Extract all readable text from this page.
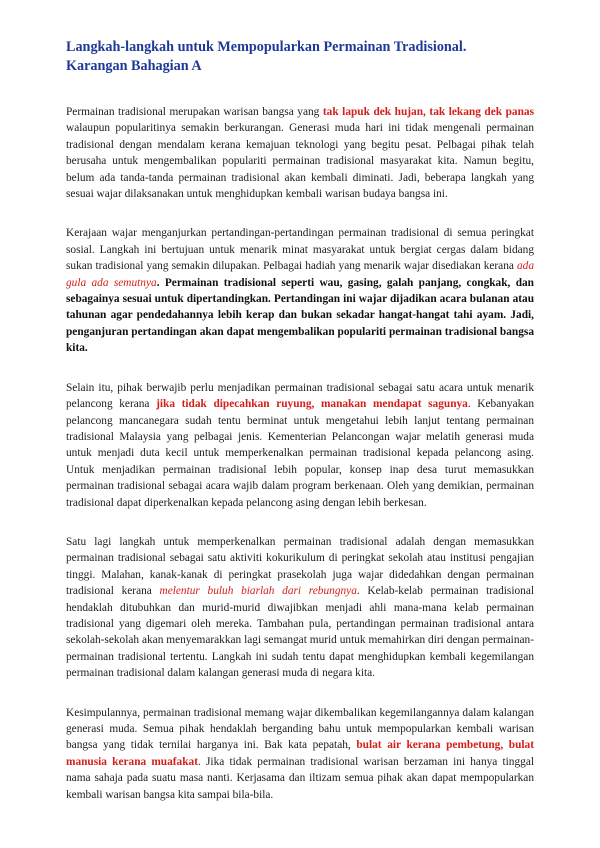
Langkah-langkah untuk Mempopularkan Permainan Tradisional.
Karangan Bahagian A

Permainan tradisional merupakan warisan bangsa yang tak lapuk dek hujan, tak lekang dek panas walaupun popularitinya semakin berkurangan. Generasi muda hari ini tidak mengenali permainan tradisional dengan mendalam kerana kemajuan teknologi yang begitu pesat. Pelbagai pihak telah berusaha untuk mengembalikan populariti permainan tradisional masyarakat kita. Namun begitu, belum ada tanda-tanda permainan tradisional akan kembali diminati. Jadi, beberapa langkah yang sesuai wajar dilaksanakan untuk menghidupkan kembali warisan budaya bangsa ini.

Kerajaan wajar menganjurkan pertandingan-pertandingan permainan tradisional di semua peringkat sosial. Langkah ini bertujuan untuk menarik minat masyarakat untuk bergiat cergas dalam bidang sukan tradisional yang semakin dilupakan. Pelbagai hadiah yang menarik wajar disediakan kerana ada gula ada semutnya. Permainan tradisional seperti wau, gasing, galah panjang, congkak, dan sebagainya sesuai untuk dipertandingkan. Pertandingan ini wajar dijadikan acara bulanan atau tahunan agar pendedahannya lebih kerap dan bukan sekadar hangat-hangat tahi ayam. Jadi, penganjuran pertandingan akan dapat mengembalikan populariti permainan tradisional bangsa kita.

Selain itu, pihak berwajib perlu menjadikan permainan tradisional sebagai satu acara untuk menarik pelancong kerana jika tidak dipecahkan ruyung, manakan mendapat sagunya. Kebanyakan pelancong mancanegara sudah tentu berminat untuk mengetahui lebih lanjut tentang permainan tradisional Malaysia yang pelbagai jenis. Kementerian Pelancongan wajar melatih generasi muda untuk menjadi duta kecil untuk memperkenalkan permainan tradisional kepada pelancong asing. Untuk menjadikan permainan tradisional lebih popular, konsep inap desa turut memasukkan permainan tradisional sebagai acara wajib dalam program berkenaan. Oleh yang demikian, permainan tradisional dapat diperkenalkan kepada pelancong asing dengan lebih berkesan.

Satu lagi langkah untuk memperkenalkan permainan tradisional adalah dengan memasukkan permainan tradisional sebagai satu aktiviti kokurikulum di peringkat sekolah atau institusi pengajian tinggi. Malahan, kanak-kanak di peringkat prasekolah juga wajar didedahkan dengan permainan tradisional kerana melentur buluh biarlah dari rebungnya. Kelab-kelab permainan tradisional hendaklah ditubuhkan dan murid-murid diwajibkan menjadi ahli mana-mana kelab permainan tradisional yang digemari oleh mereka. Tambahan pula, pertandingan permainan tradisional antara sekolah-sekolah akan menyemarakkan lagi semangat murid untuk memahirkan diri dengan permainan-permainan tradisional tertentu. Langkah ini sudah tentu dapat menghidupkan kembali kegemilangan permainan tradisional dalam kalangan generasi muda di negara kita.

Kesimpulannya, permainan tradisional memang wajar dikembalikan kegemilangannya dalam kalangan generasi muda. Semua pihak hendaklah berganding bahu untuk mempopularkan kembali warisan bangsa yang tidak ternilai harganya ini. Bak kata pepatah, bulat air kerana pembetung, bulat manusia kerana muafakat. Jika tidak permainan tradisional warisan berzaman ini hanya tinggal nama sahaja pada suatu masa nanti. Kerjasama dan iltizam semua pihak akan dapat mempopularkan kembali warisan bangsa kita sampai bila-bila.
